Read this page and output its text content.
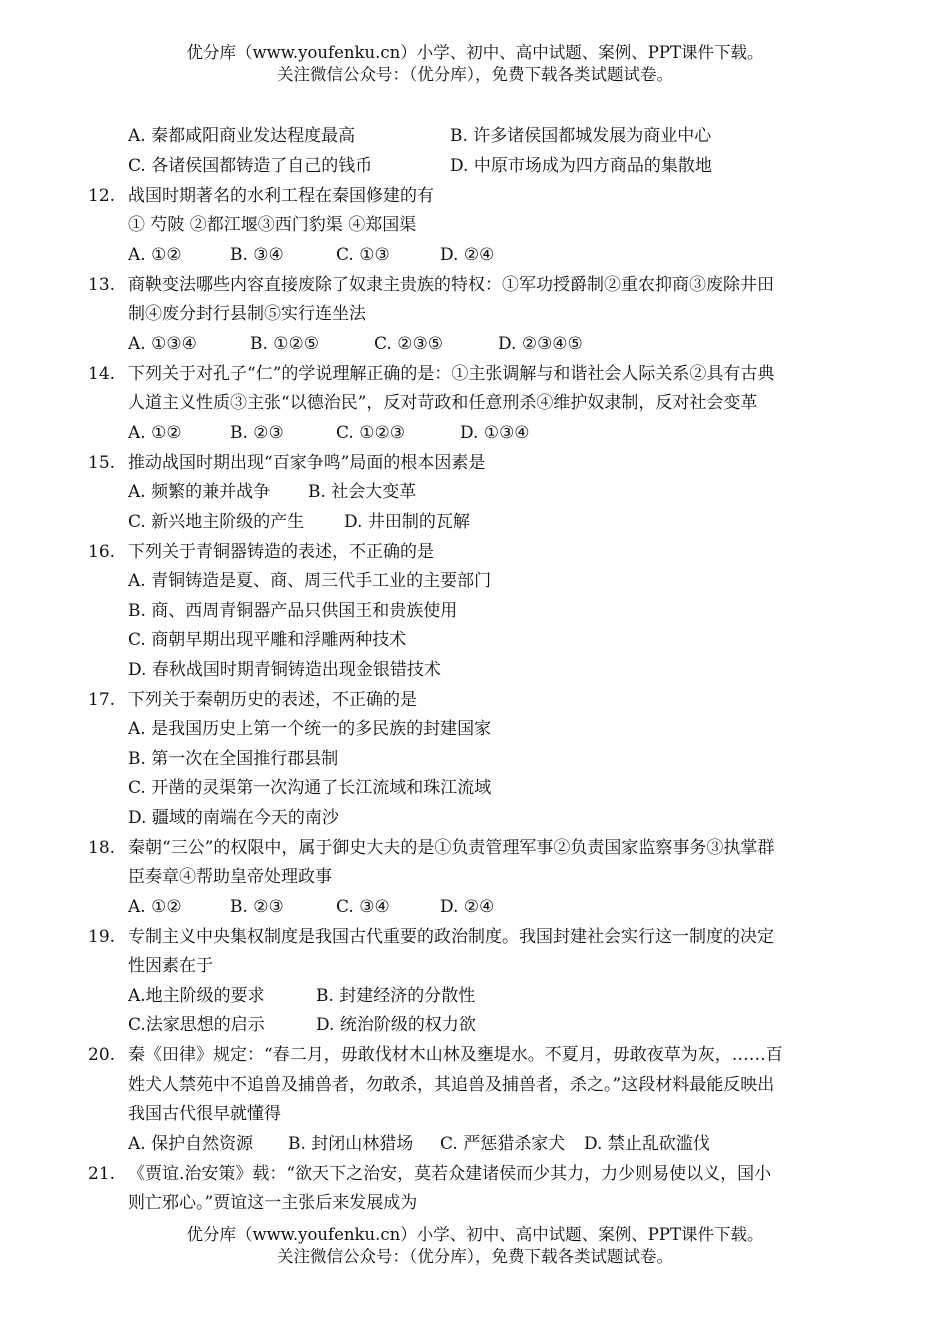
优分库（www.youfenku.cn）小学、初中、高中试题、案例、PPT课件下载。
关注微信公众号：（优分库），免费下载各类试题试卷。
A. 秦都咸阳商业发达程度最高	B. 许多诸侯国都城发展为商业中心
C. 各诸侯国都铸造了自己的钱币	D. 中原市场成为四方商品的集散地
12. 战国时期著名的水利工程在秦国修建的有
① 芍陂 ②都江堰③西门豹渠 ④郑国渠
A. ①②	B. ③④	C. ①③	D. ②④
13. 商鞅变法哪些内容直接废除了奴隶主贵族的特权：①军功授爵制②重农抑商③废除井田
制④废分封行县制⑤实行连坐法
A. ①③④	B. ①②⑤	C. ②③⑤	D. ②③④⑤
14. 下列关于对孔子“仁”的学说理解正确的是：①主张调解与和谐社会人际关系②具有古典
人道主义性质③主张“以德治民”，反对苛政和任意刑杀④维护奴隶制，反对社会变革
A. ①②	B. ②③	C. ①②③	D. ①③④
15. 推动战国时期出现“百家争鸣”局面的根本因素是
A. 频繁的兼并战争 B. 社会大变革
C. 新兴地主阶级的产生 D. 井田制的瓦解
16. 下列关于青铜器铸造的表述，不正确的是
A. 青铜铸造是夏、商、周三代手工业的主要部门
B. 商、西周青铜器产品只供国王和贵族使用
C. 商朝早期出现平雕和浮雕两种技术
D. 春秋战国时期青铜铸造出现金银错技术
17. 下列关于秦朝历史的表述，不正确的是
A. 是我国历史上第一个统一的多民族的封建国家
B. 第一次在全国推行郡县制
C. 开凿的灵渠第一次沟通了长江流域和珠江流域
D. 疆域的南端在今天的南沙
18. 秦朝“三公”的权限中，属于御史大夫的是①负责管理军事②负责国家监察事务③执掌群
臣奏章④帮助皇帝处理政事
A. ①②	B. ②③	C. ③④	D. ②④
19. 专制主义中央集权制度是我国古代重要的政治制度。我国封建社会实行这一制度的决定
性因素在于
A.地主阶级的要求	B. 封建经济的分散性
C.法家思想的启示	D. 统治阶级的权力欲
20. 秦《田律》规定：“春二月，毋敢伐材木山林及壅堤水。不夏月，毋敢夜草为灰，……百
姓犬人禁苑中不追兽及捕兽者，勿敢杀，其追兽及捕兽者，杀之。”这段材料最能反映出
我国古代很早就懂得
A. 保护自然资源 B. 封闭山林猎场 C. 严惩猎杀家犬 D. 禁止乱砍滥伐
21. 《贾谊.治安策》载：“欲天下之治安，莫若众建诸侯而少其力，力少则易使以义，国小
则亡邪心。”贾谊这一主张后来发展成为
优分库（www.youfenku.cn）小学、初中、高中试题、案例、PPT课件下载。
关注微信公众号：（优分库），免费下载各类试题试卷。
